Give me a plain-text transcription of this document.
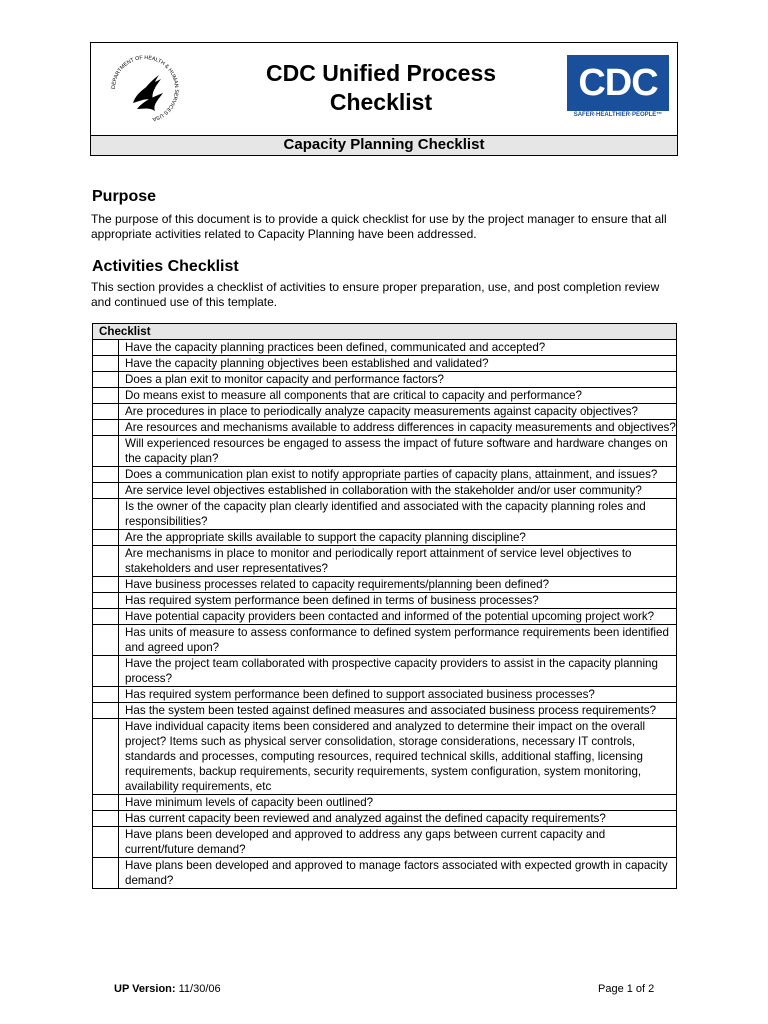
DEPARTMENT OF HEALTH & HUMAN SERVICES·USA
CDC Unified Process
Checklist	CDC
SAFER·HEALTHIER·PEOPLE™
Capacity Planning Checklist
Purpose

The purpose of this document is to provide a quick checklist for use by the project manager to ensure that all appropriate activities related to Capacity Planning have been addressed.

Activities Checklist

This section provides a checklist of activities to ensure proper preparation, use, and post completion review and continued use of this template.

Checklist	
	Have the capacity planning practices been defined, communicated and accepted?
	Have the capacity planning objectives been established and validated?
	Does a plan exit to monitor capacity and performance factors?
	Do means exist to measure all components that are critical to capacity and performance?
	Are procedures in place to periodically analyze capacity measurements against capacity objectives?
	Are resources and mechanisms available to address differences in capacity measurements and objectives?
	Will experienced resources be engaged to assess the impact of future software and hardware changes on the capacity plan?
	Does a communication plan exist to notify appropriate parties of capacity plans, attainment, and issues?
	Are service level objectives established in collaboration with the stakeholder and/or user community?
	Is the owner of the capacity plan clearly identified and associated with the capacity planning roles and responsibilities?
	Are the appropriate skills available to support the capacity planning discipline?
	Are mechanisms in place to monitor and periodically report attainment of service level objectives to stakeholders and user representatives?
	Have business processes related to capacity requirements/planning been defined?
	Has required system performance been defined in terms of business processes?
	Have potential capacity providers been contacted and informed of the potential upcoming project work?
	Has units of measure to assess conformance to defined system performance requirements been identified and agreed upon?
	Have the project team collaborated with prospective capacity providers to assist in the capacity planning process?
	Has required system performance been defined to support associated business processes?
	Has the system been tested against defined measures and associated business process requirements?
	Have individual capacity items been considered and analyzed to determine their impact on the overall project? Items such as physical server consolidation, storage considerations, necessary IT controls, standards and processes, computing resources, required technical skills, additional staffing, licensing requirements, backup requirements, security requirements, system configuration, system monitoring, availability requirements, etc
	Have minimum levels of capacity been outlined?
	Has current capacity been reviewed and analyzed against the defined capacity requirements?
	Have plans been developed and approved to address any gaps between current capacity and current/future demand?
	Have plans been developed and approved to manage factors associated with expected growth in capacity demand?
UP Version: 11/30/06	Page 1 of 2
